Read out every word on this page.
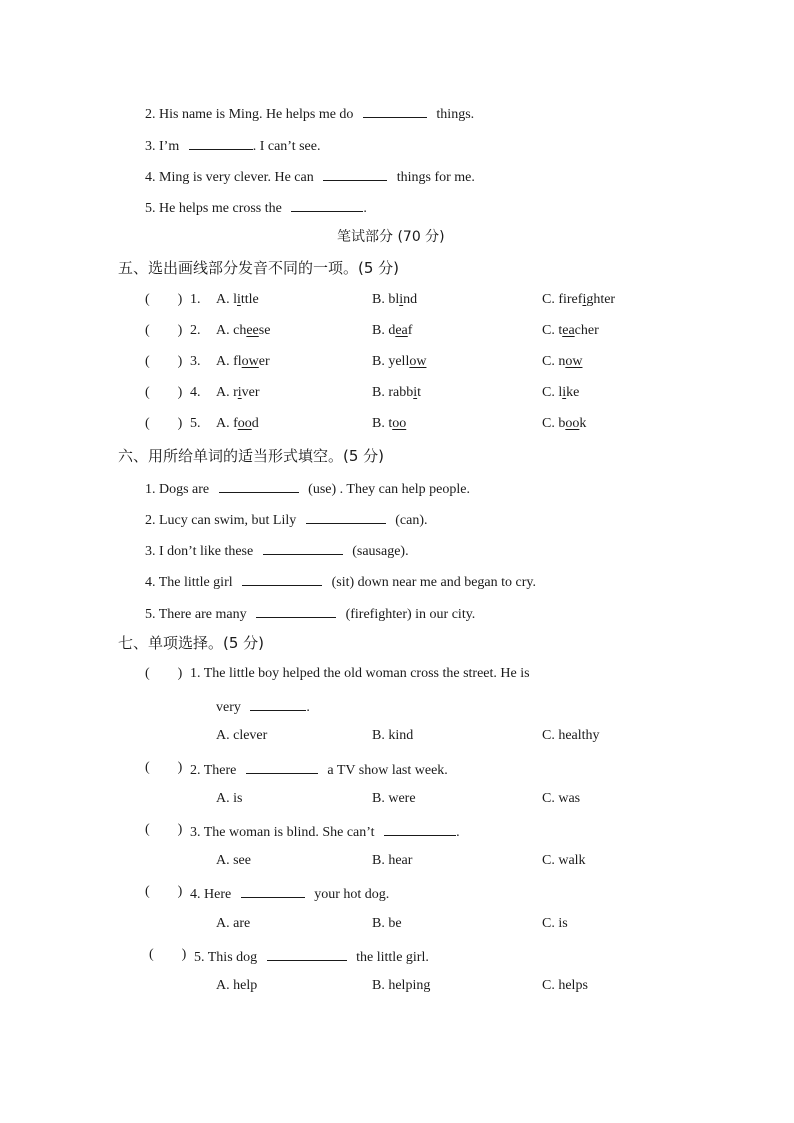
2. His name is Ming. He helps me do	things.
3. I’m	. I can’t see.
4. Ming is very clever. He can	things for me.
5. He helps me cross the	.
笔试部分 (70 分)
五、选出画线部分发音不同的一项。(5 分)
(　　) 1. A. little	B. blind	C. firefighter
(　　) 2. A. cheese	B. deaf	C. teacher
(　　) 3. A. flower	B. yellow	C. now
(　　) 4. A. river	B. rabbit	C. like
(　　) 5. A. food	B. too	C. book
六、用所给单词的适当形式填空。(5 分)
1. Dogs are	(use) . They can help people.
2. Lucy can swim, but Lily	(can).
3. I don’t like these	(sausage).
4. The little girl	(sit) down near me and began to cry.
5. There are many	(firefighter) in our city.
七、单项选择。(5 分)
(　　) 1. The little boy helped the old woman cross the street. He is
very	.
A. clever	B. kind	C. healthy
(　　) 2. There	a TV show last week.
A. is	B. were	C. was
(　　) 3. The woman is blind. She can’t	.
A. see	B. hear	C. walk
(　　) 4. Here	your hot dog.
A. are	B. be	C. is
(　　) 5. This dog	the little girl.
A. help	B. helping	C. helps
